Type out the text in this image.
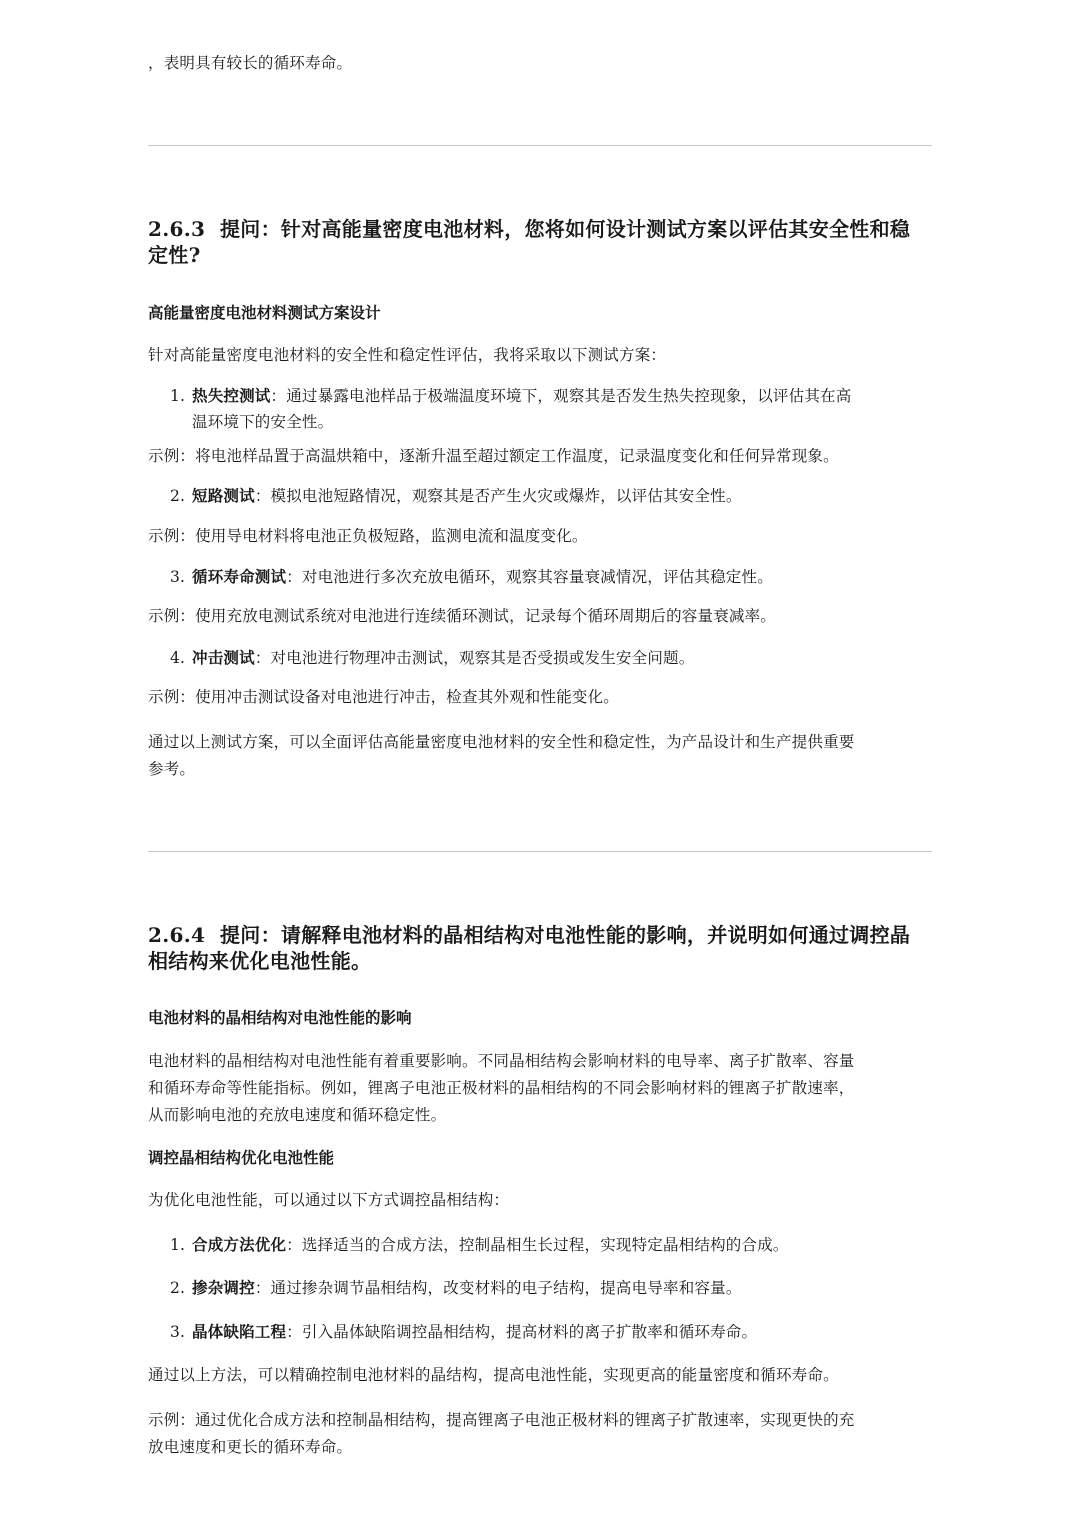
，表明具有较长的循环寿命。

2.6.3 提问：针对高能量密度电池材料，您将如何设计测试方案以评估其安全性和稳
定性?

高能量密度电池材料测试方案设计

针对高能量密度电池材料的安全性和稳定性评估，我将采取以下测试方案：

1. 热失控测试：通过暴露电池样品于极端温度环境下，观察其是否发生热失控现象，以评估其在高
温环境下的安全性。

示例：将电池样品置于高温烘箱中，逐渐升温至超过额定工作温度，记录温度变化和任何异常现象。

2. 短路测试：模拟电池短路情况，观察其是否产生火灾或爆炸，以评估其安全性。

示例：使用导电材料将电池正负极短路，监测电流和温度变化。

3. 循环寿命测试：对电池进行多次充放电循环，观察其容量衰减情况，评估其稳定性。

示例：使用充放电测试系统对电池进行连续循环测试，记录每个循环周期后的容量衰减率。

4. 冲击测试：对电池进行物理冲击测试，观察其是否受损或发生安全问题。

示例：使用冲击测试设备对电池进行冲击，检查其外观和性能变化。

通过以上测试方案，可以全面评估高能量密度电池材料的安全性和稳定性，为产品设计和生产提供重要
参考。
2.6.4 提问：请解释电池材料的晶相结构对电池性能的影响，并说明如何通过调控晶
相结构来优化电池性能。

电池材料的晶相结构对电池性能的影响

电池材料的晶相结构对电池性能有着重要影响。不同晶相结构会影响材料的电导率、离子扩散率、容量
和循环寿命等性能指标。例如，锂离子电池正极材料的晶相结构的不同会影响材料的锂离子扩散速率，
从而影响电池的充放电速度和循环稳定性。

调控晶相结构优化电池性能

为优化电池性能，可以通过以下方式调控晶相结构：

1. 合成方法优化：选择适当的合成方法，控制晶相生长过程，实现特定晶相结构的合成。
2. 掺杂调控：通过掺杂调节晶相结构，改变材料的电子结构，提高电导率和容量。
3. 晶体缺陷工程：引入晶体缺陷调控晶相结构，提高材料的离子扩散率和循环寿命。

通过以上方法，可以精确控制电池材料的晶结构，提高电池性能，实现更高的能量密度和循环寿命。

示例：通过优化合成方法和控制晶相结构，提高锂离子电池正极材料的锂离子扩散速率，实现更快的充
放电速度和更长的循环寿命。
